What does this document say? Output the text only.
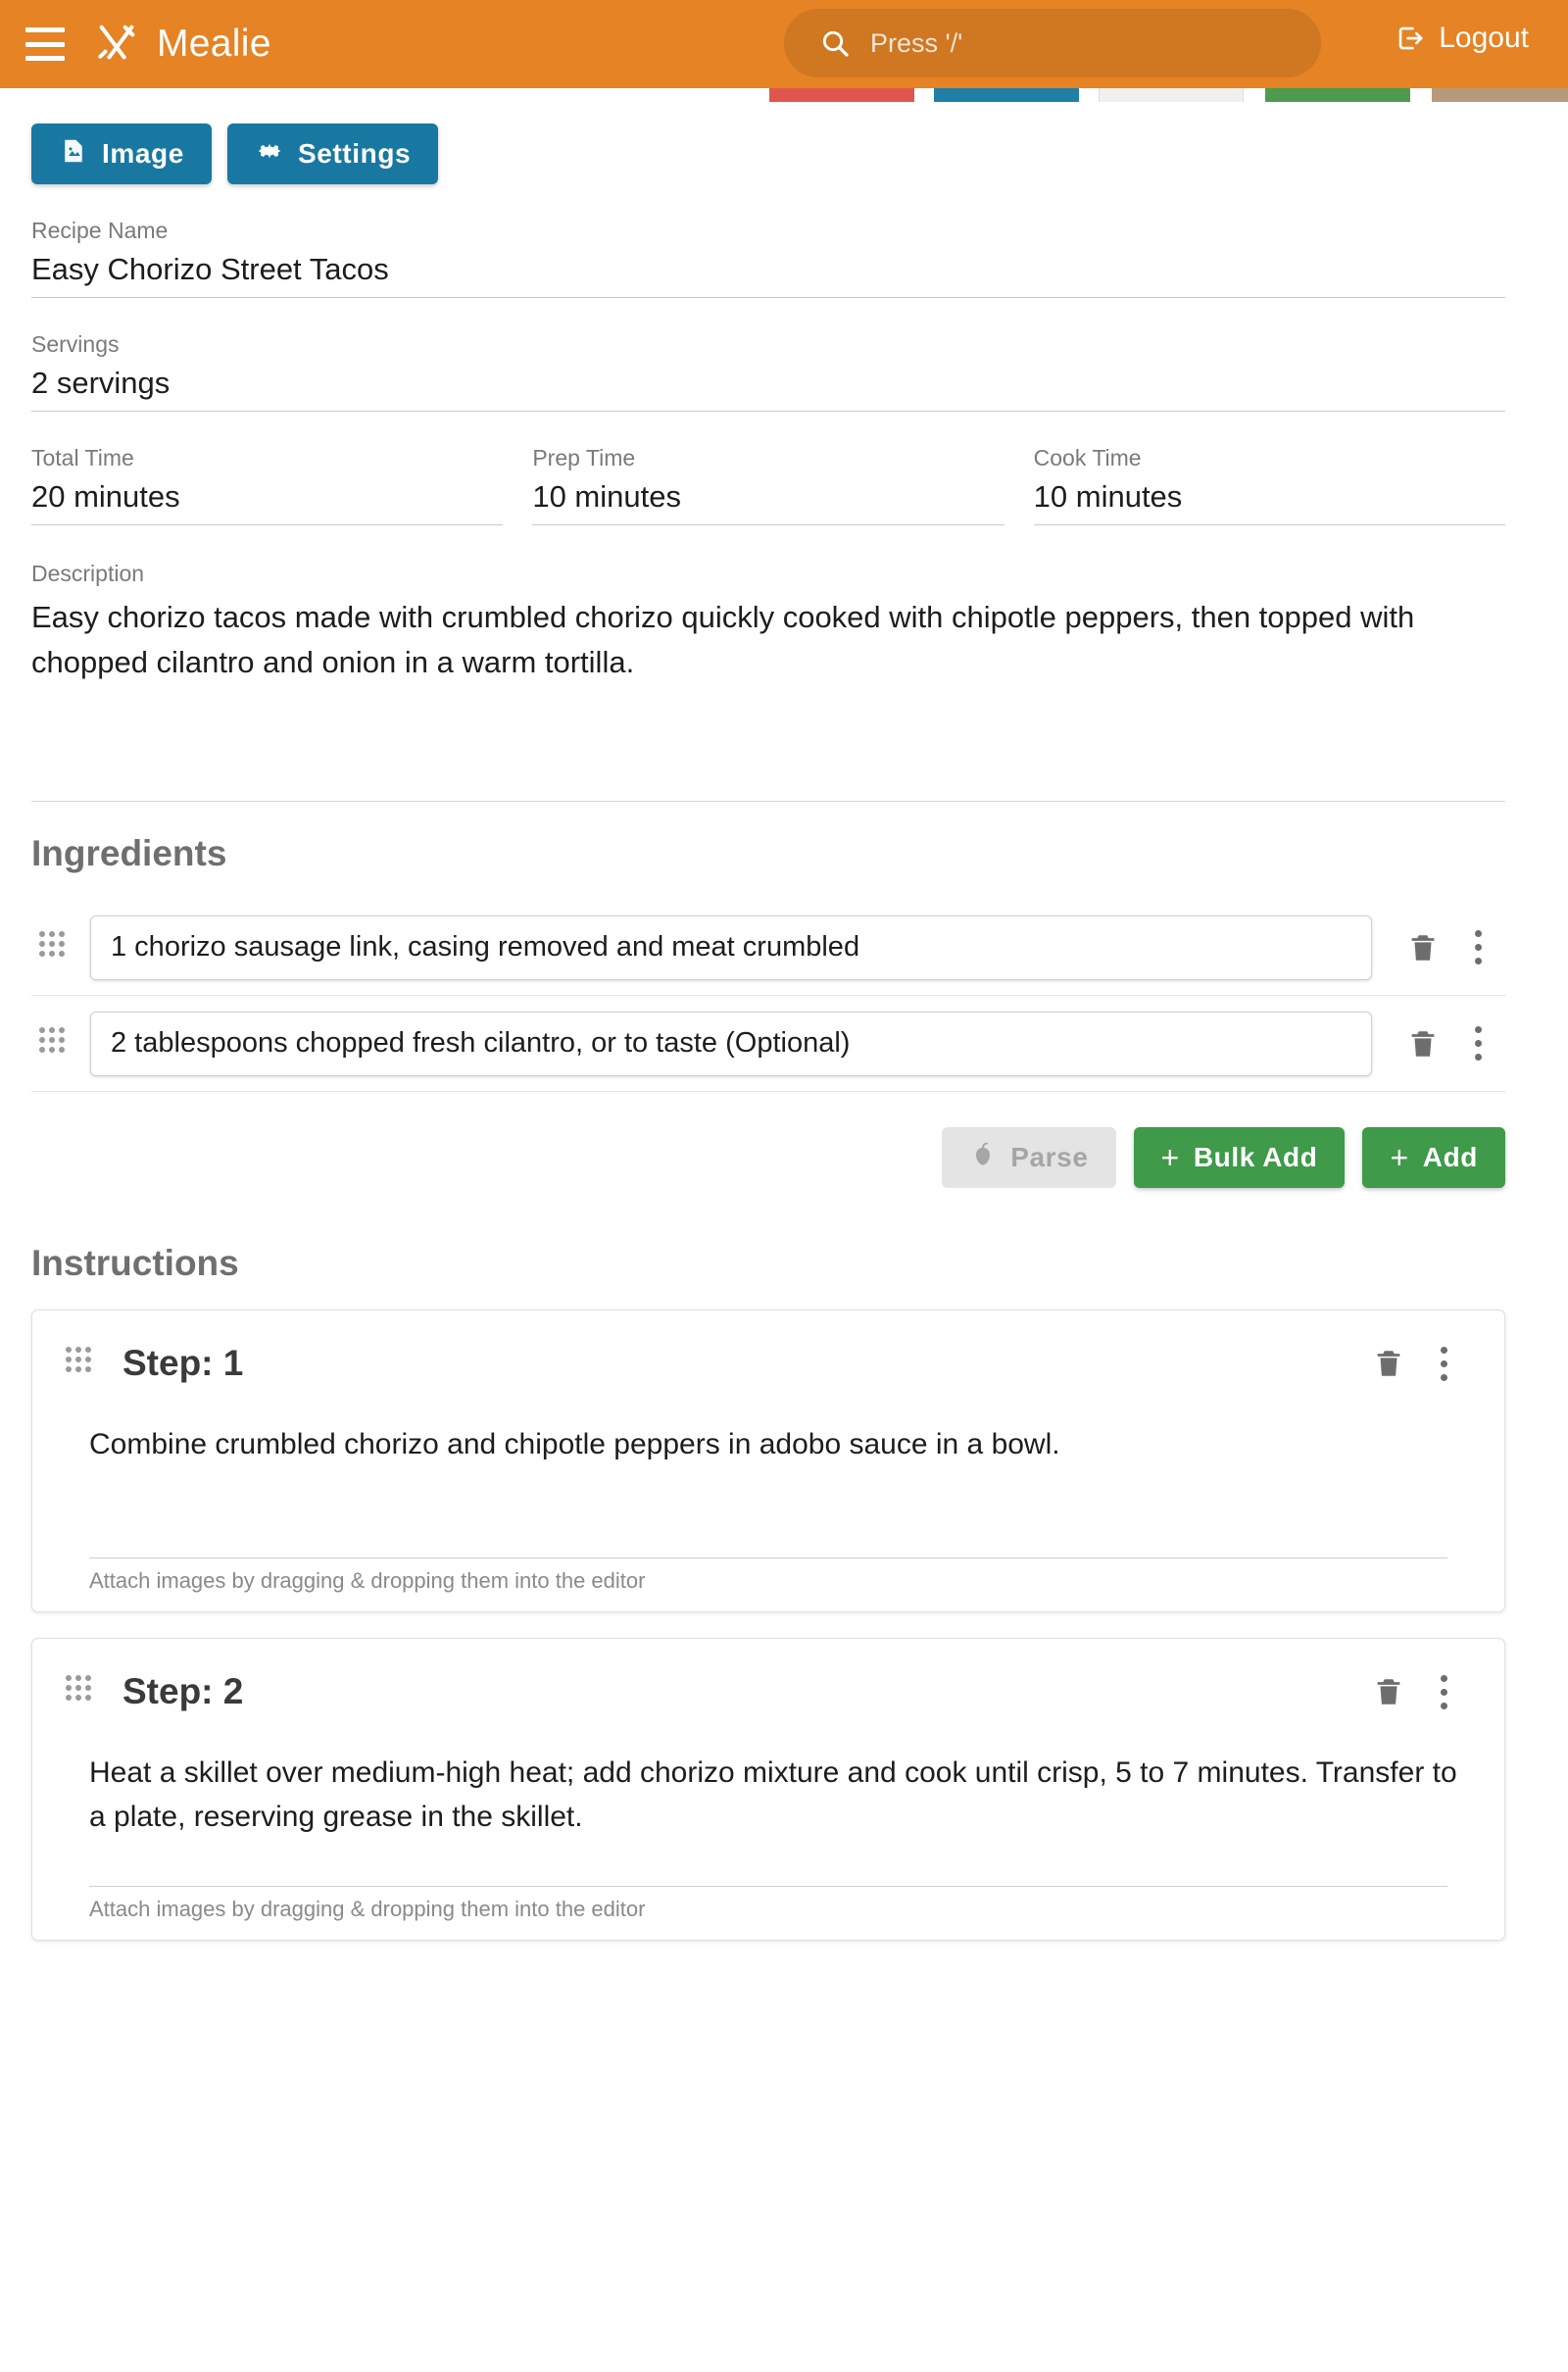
Mealie	Press '/'	Logout
Image	Settings
Recipe Name
Easy Chorizo Street Tacos
Servings
2 servings
Total Time
20 minutes
Prep Time
10 minutes
Cook Time
10 minutes
Description
Easy chorizo tacos made with crumbled chorizo quickly cooked with chipotle peppers, then topped with chopped cilantro and onion in a warm tortilla.
Ingredients
1 chorizo sausage link, casing removed and meat crumbled
2 tablespoons chopped fresh cilantro, or to taste (Optional)
Parse + Bulk Add + Add
Instructions
Step: 1
Combine crumbled chorizo and chipotle peppers in adobo sauce in a bowl.
Attach images by dragging & dropping them into the editor
Step: 2
Heat a skillet over medium-high heat; add chorizo mixture and cook until crisp, 5 to 7 minutes. Transfer to a plate, reserving grease in the skillet.
Attach images by dragging & dropping them into the editor
